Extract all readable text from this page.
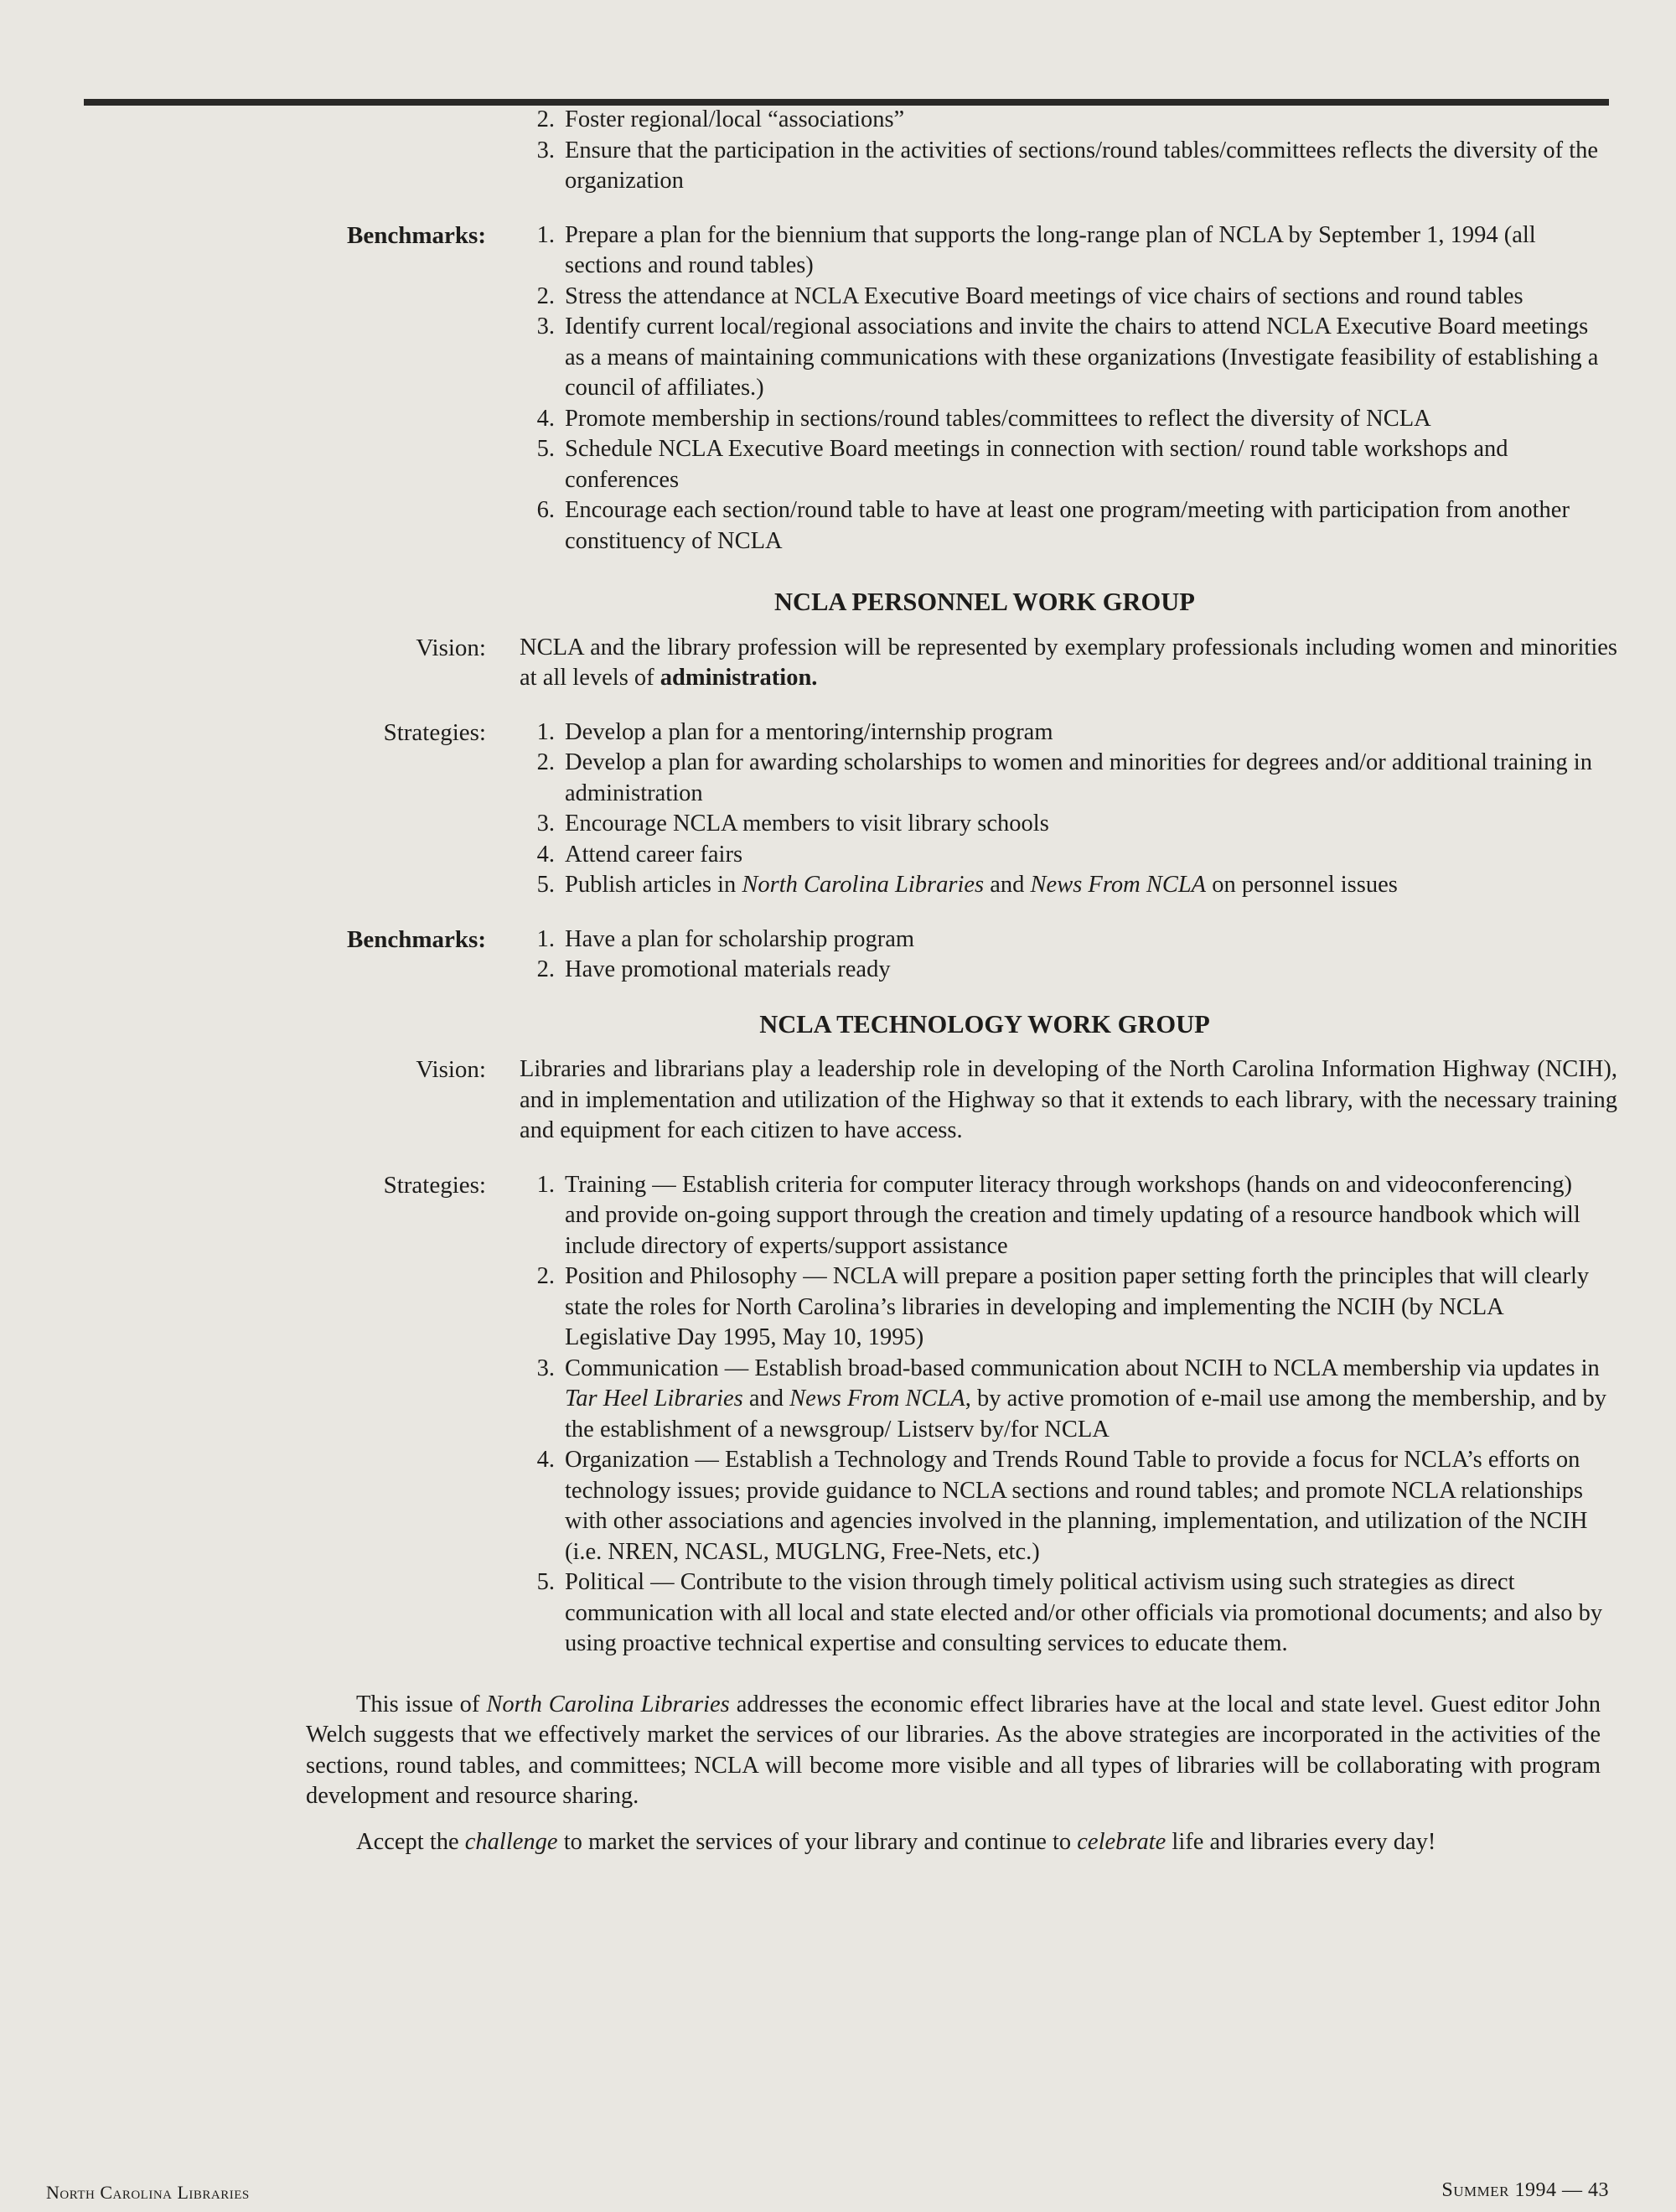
2. Foster regional/local “associations”
3. Ensure that the participation in the activities of sections/round tables/committees reflects the diversity of the organization
Benchmarks:	1. Prepare a plan for the biennium that supports the long-range plan of NCLA by September 1, 1994 (all sections and round tables)
2. Stress the attendance at NCLA Executive Board meetings of vice chairs of sections and round tables
3. Identify current local/regional associations and invite the chairs to attend NCLA Executive Board meetings as a means of maintaining communications with these organizations (Investigate feasibility of establishing a council of affiliates.)
4. Promote membership in sections/round tables/committees to reflect the diversity of NCLA
5. Schedule NCLA Executive Board meetings in connection with section/ round table workshops and conferences
6. Encourage each section/round table to have at least one program/meeting with participation from another constituency of NCLA
NCLA PERSONNEL WORK GROUP
Vision:	NCLA and the library profession will be represented by exemplary professionals including women and minorities at all levels of administration.
Strategies:	1. Develop a plan for a mentoring/internship program
2. Develop a plan for awarding scholarships to women and minorities for degrees and/or additional training in administration
3. Encourage NCLA members to visit library schools
4. Attend career fairs
5. Publish articles in North Carolina Libraries and News From NCLA on personnel issues
Benchmarks:	1. Have a plan for scholarship program
2. Have promotional materials ready
NCLA TECHNOLOGY WORK GROUP
Vision:	Libraries and librarians play a leadership role in developing of the North Carolina Information Highway (NCIH), and in implementation and utilization of the Highway so that it extends to each library, with the necessary training and equipment for each citizen to have access.
Strategies:	1. Training — Establish criteria for computer literacy through workshops (hands on and videoconferencing) and provide on-going support through the creation and timely updating of a resource handbook which will include directory of experts/support assistance
2. Position and Philosophy — NCLA will prepare a position paper setting forth the principles that will clearly state the roles for North Carolina’s libraries in developing and implementing the NCIH (by NCLA Legislative Day 1995, May 10, 1995)
3. Communication — Establish broad-based communication about NCIH to NCLA membership via updates in Tar Heel Libraries and News From NCLA, by active promotion of e-mail use among the membership, and by the establishment of a newsgroup/ Listserv by/for NCLA
4. Organization — Establish a Technology and Trends Round Table to provide a focus for NCLA’s efforts on technology issues; provide guidance to NCLA sections and round tables; and promote NCLA relationships with other associations and agencies involved in the planning, implementation, and utilization of the NCIH (i.e. NREN, NCASL, MUGLNG, Free-Nets, etc.)
5. Political — Contribute to the vision through timely political activism using such strategies as direct communication with all local and state elected and/or other officials via promotional documents; and also by using proactive technical expertise and consulting services to educate them.

This issue of North Carolina Libraries addresses the economic effect libraries have at the local and state level. Guest editor John Welch suggests that we effectively market the services of our libraries. As the above strategies are incorporated in the activities of the sections, round tables, and committees; NCLA will become more visible and all types of libraries will be collaborating with program development and resource sharing.

Accept the challenge to market the services of your library and continue to celebrate life and libraries every day!

North Carolina Libraries	Summer 1994 — 43
